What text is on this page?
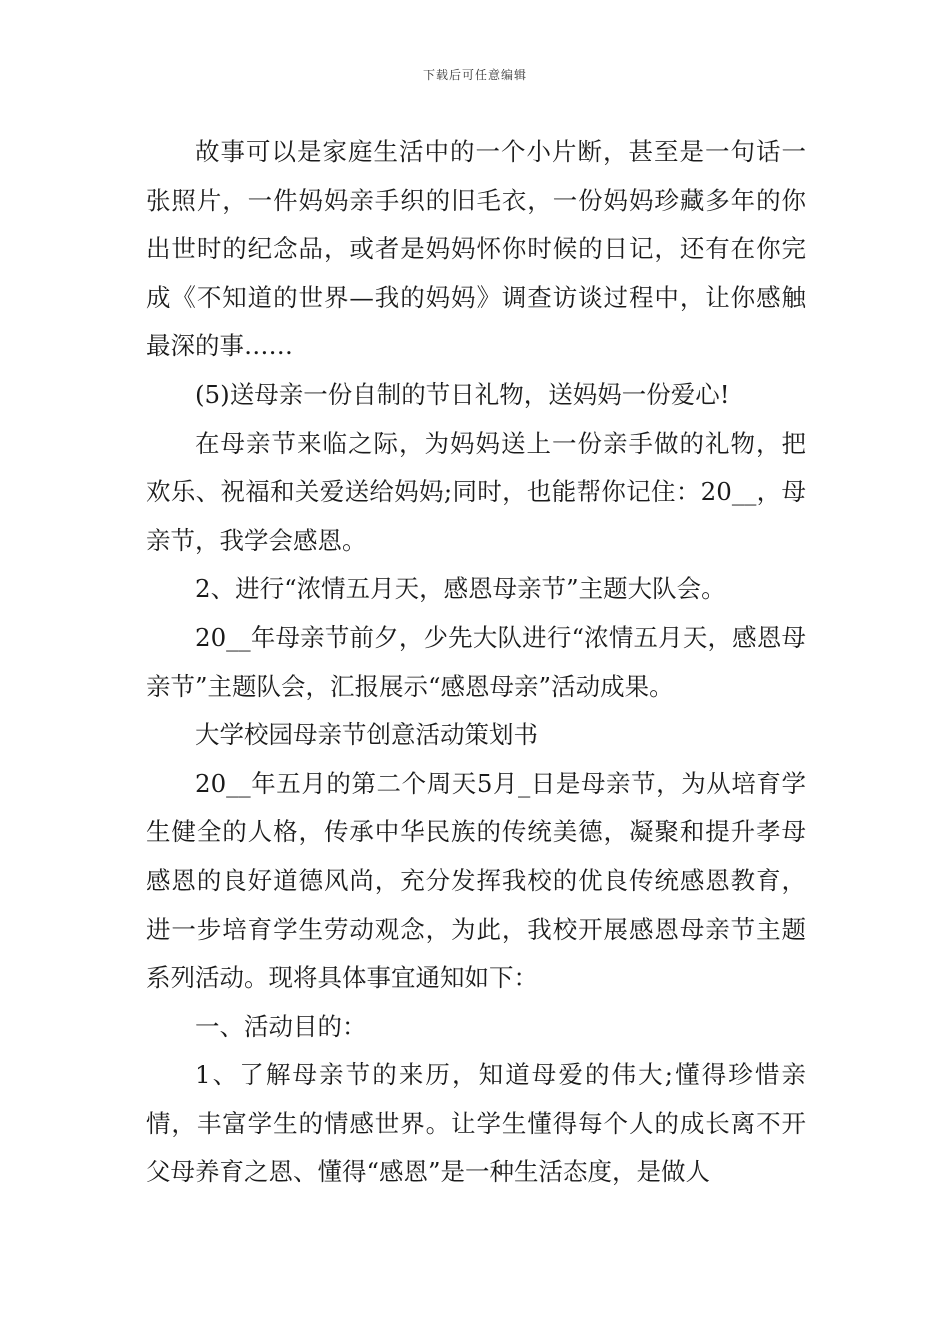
下载后可任意编辑

故事可以是家庭生活中的一个小片断，甚至是一句话一张照片，一件妈妈亲手织的旧毛衣，一份妈妈珍藏多年的你出世时的纪念品，或者是妈妈怀你时候的日记，还有在你完成《不知道的世界—我的妈妈》调查访谈过程中，让你感触最深的事……

(5)送母亲一份自制的节日礼物，送妈妈一份爱心!

在母亲节来临之际，为妈妈送上一份亲手做的礼物，把欢乐、祝福和关爱送给妈妈;同时，也能帮你记住：20__，母亲节，我学会感恩。

2、进行“浓情五月天，感恩母亲节”主题大队会。

20__年母亲节前夕，少先大队进行“浓情五月天，感恩母亲节”主题队会，汇报展示“感恩母亲”活动成果。

大学校园母亲节创意活动策划书

20__年五月的第二个周天5月_日是母亲节，为从培育学生健全的人格，传承中华民族的传统美德，凝聚和提升孝母感恩的良好道德风尚，充分发挥我校的优良传统感恩教育，进一步培育学生劳动观念，为此，我校开展感恩母亲节主题系列活动。现将具体事宜通知如下：

一、活动目的：

1、了解母亲节的来历，知道母爱的伟大;懂得珍惜亲情，丰富学生的情感世界。让学生懂得每个人的成长离不开父母养育之恩、懂得“感恩”是一种生活态度，是做人
